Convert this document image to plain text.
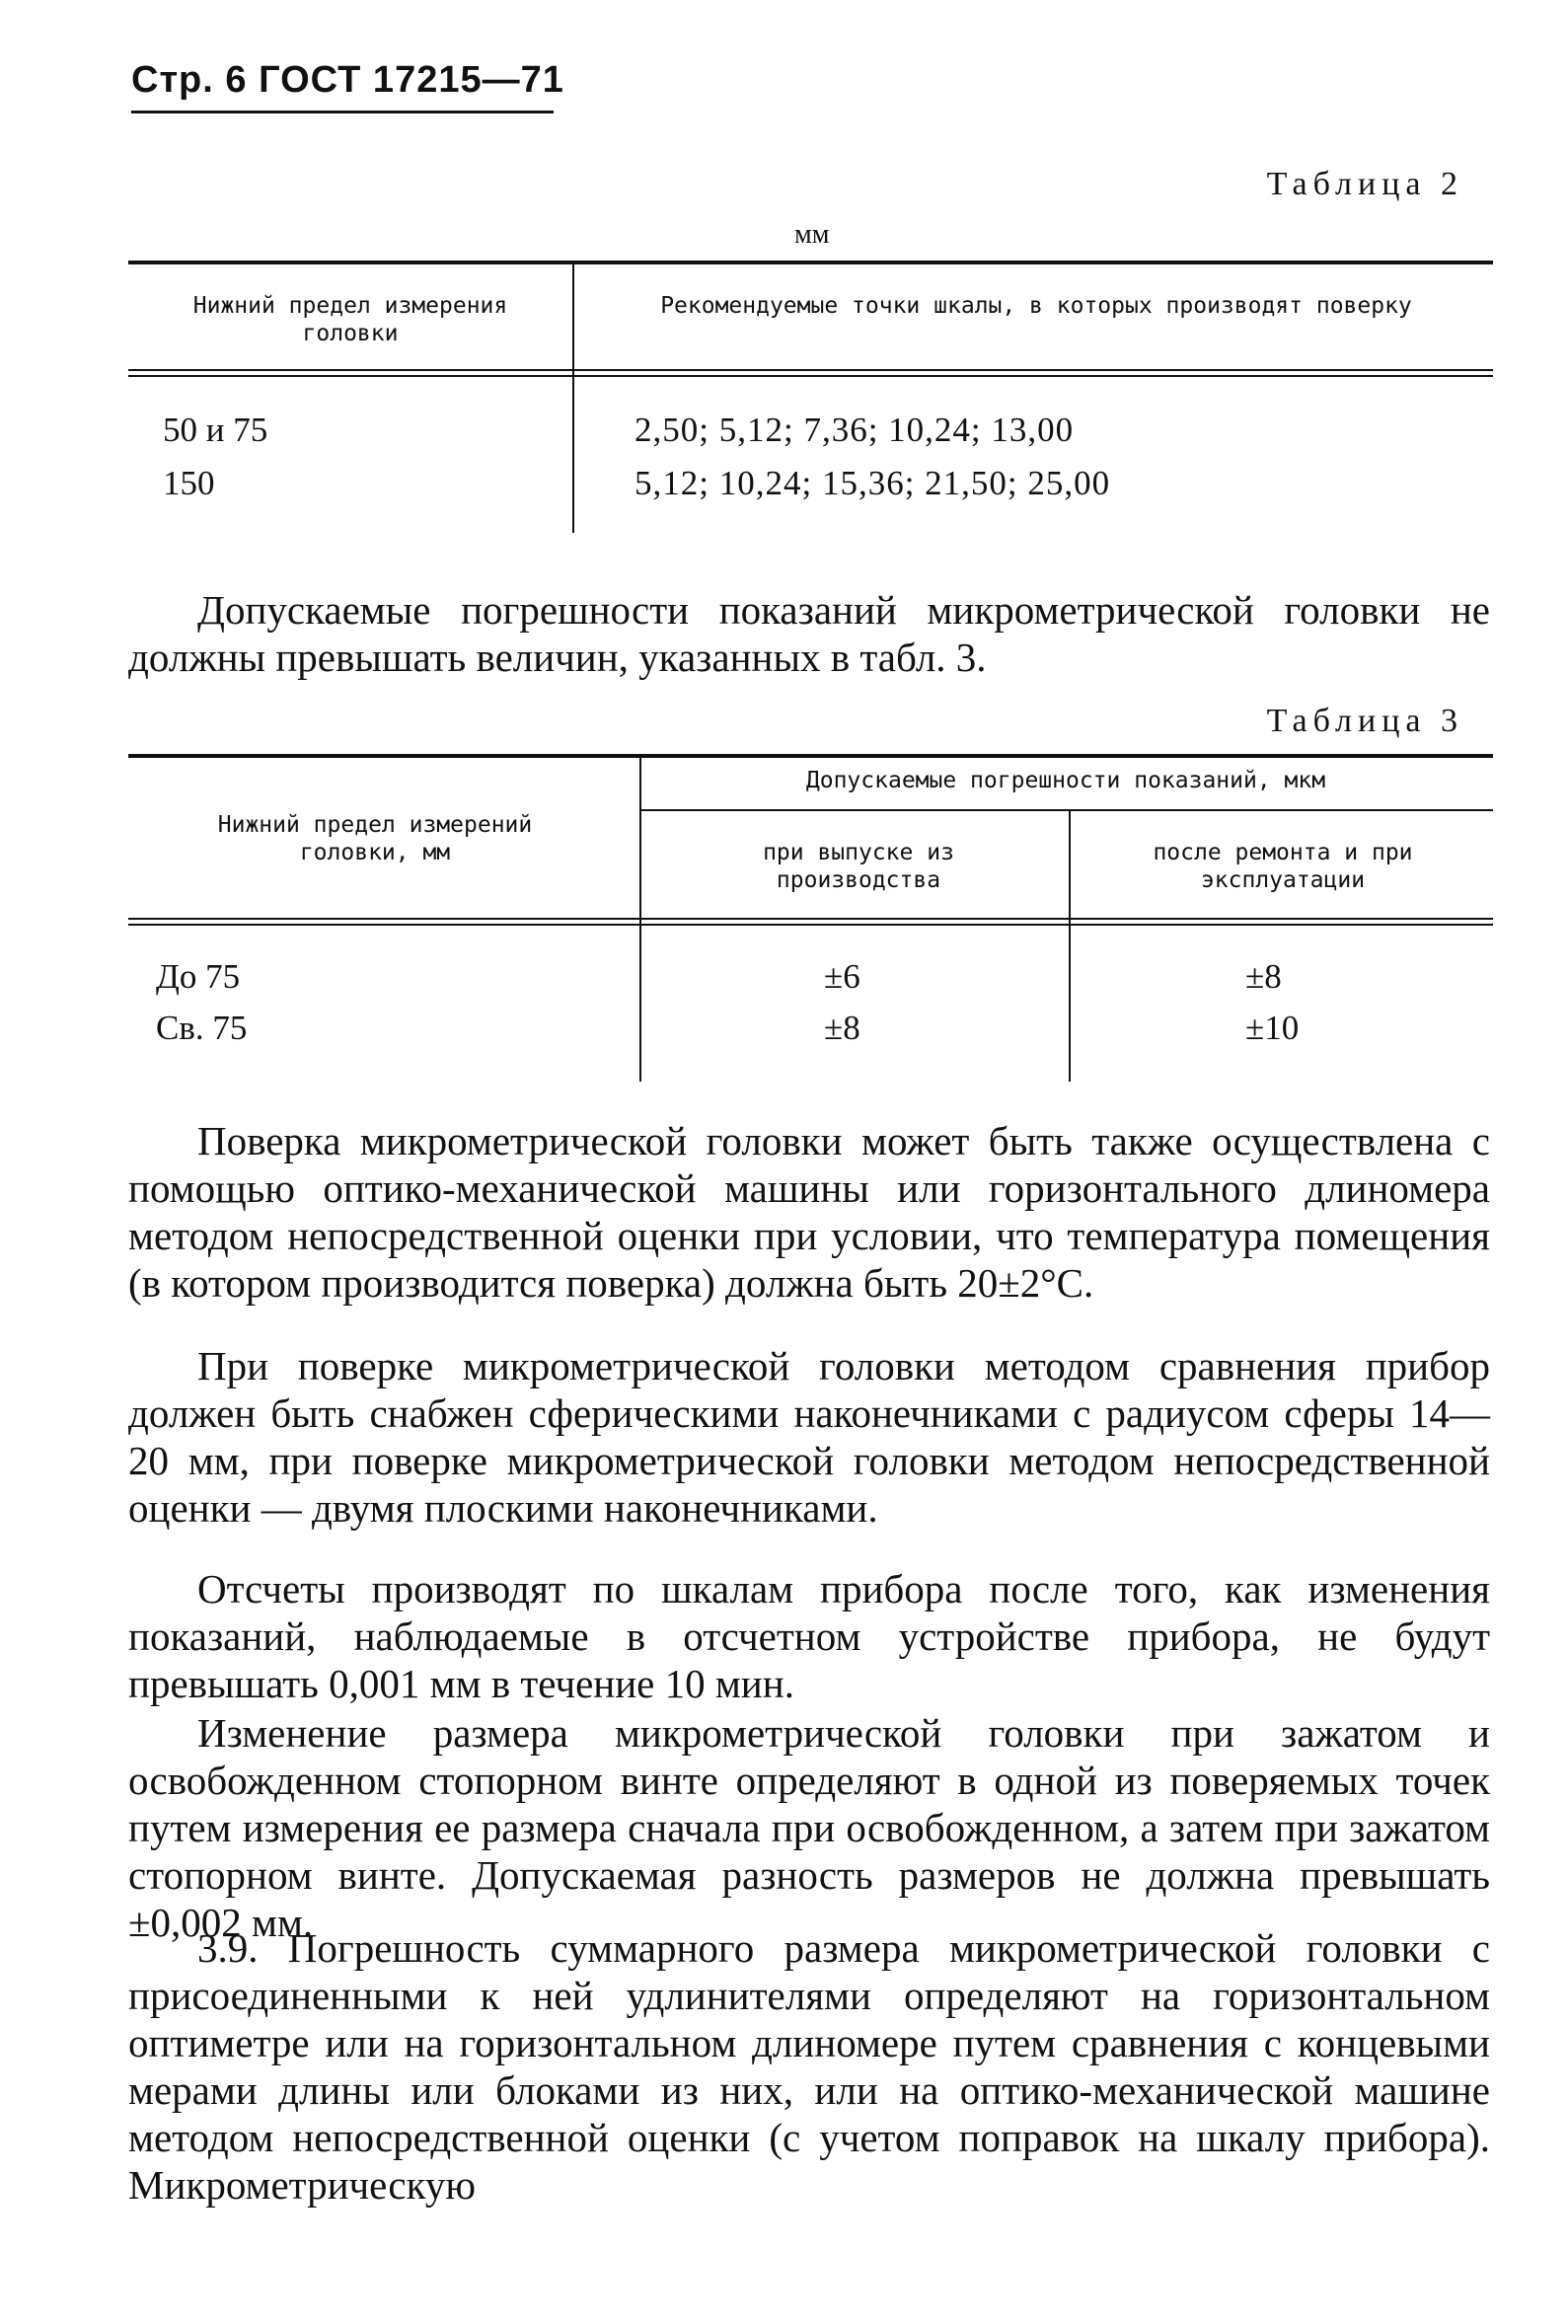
Стр. 6 ГОСТ 17215—71
Таблица 2
мм
Нижний предел измерения головки
Рекомендуемые точки шкалы, в которых производят поверку
50 и 75	2,50; 5,12; 7,36; 10,24; 13,00
150	5,12; 10,24; 15,36; 21,50; 25,00
Допускаемые погрешности показаний микрометрической головки не должны превышать величин, указанных в табл. 3.
Таблица 3
Нижний предел измерений головки, мм
Допускаемые погрешности показаний, мкм
при выпуске из производства
после ремонта и при эксплуатации
До 75	±6	±8
Св. 75	±8	±10
Поверка микрометрической головки может быть также осуществлена с помощью оптико-механической машины или горизонтального длиномера методом непосредственной оценки при условии, что температура помещения (в котором производится поверка) должна быть 20±2°C.
При поверке микрометрической головки методом сравнения прибор должен быть снабжен сферическими наконечниками с радиусом сферы 14—20 мм, при поверке микрометрической головки методом непосредственной оценки — двумя плоскими наконечниками.
Отсчеты производят по шкалам прибора после того, как изменения показаний, наблюдаемые в отсчетном устройстве прибора, не будут превышать 0,001 мм в течение 10 мин.
Изменение размера микрометрической головки при зажатом и освобожденном стопорном винте определяют в одной из поверяемых точек путем измерения ее размера сначала при освобожденном, а затем при зажатом стопорном винте. Допускаемая разность размеров не должна превышать ±0,002 мм.
3.9. Погрешность суммарного размера микрометрической головки с присоединенными к ней удлинителями определяют на горизонтальном оптиметре или на горизонтальном длиномере путем сравнения с концевыми мерами длины или блоками из них, или на оптико-механической машине методом непосредственной оценки (с учетом поправок на шкалу прибора). Микрометрическую
